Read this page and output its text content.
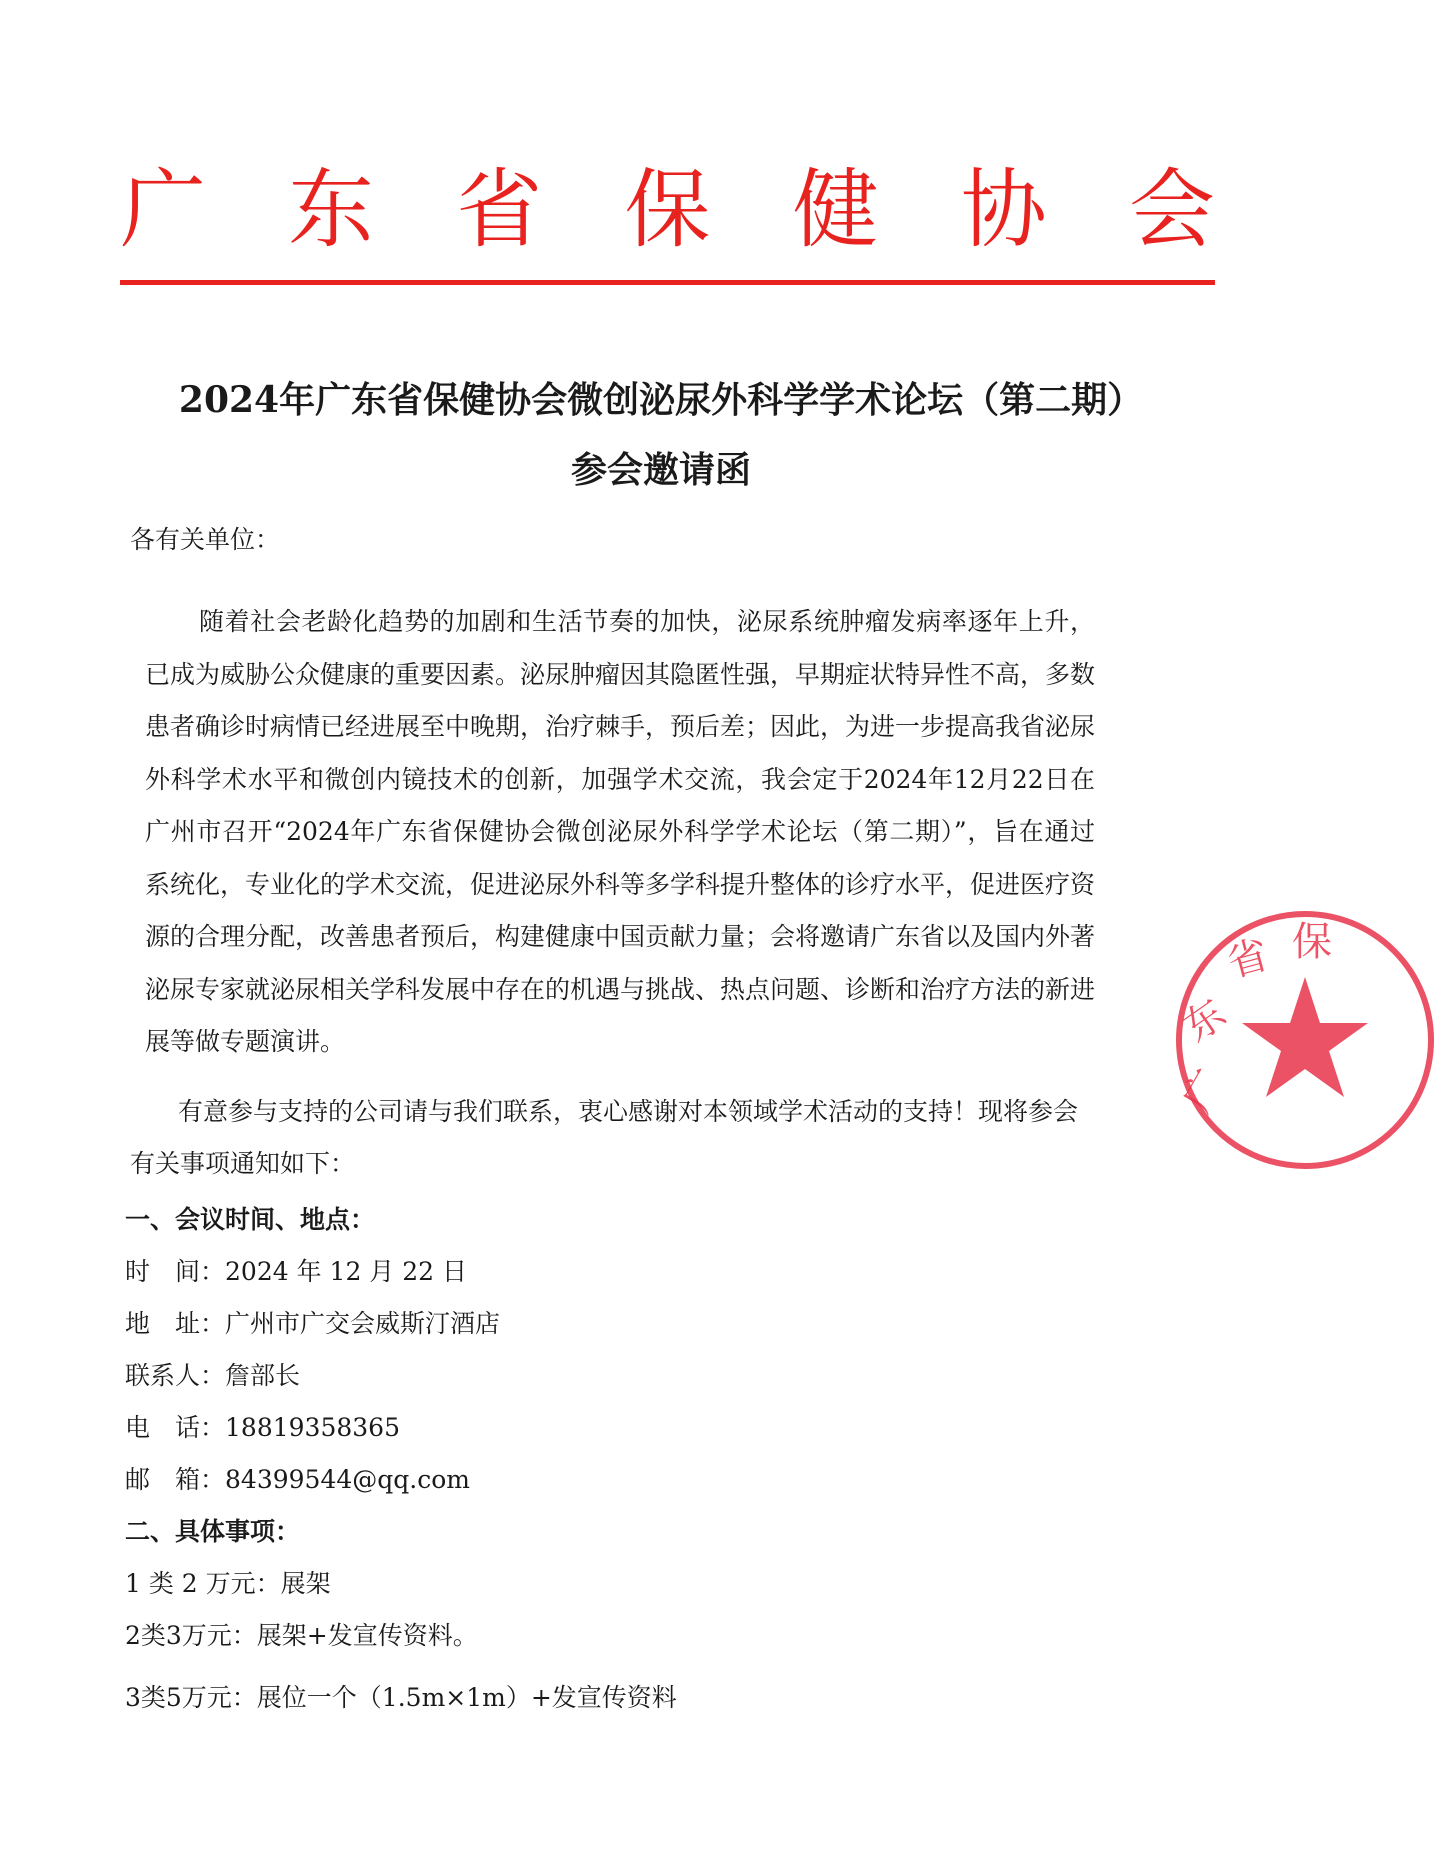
广 东 省 保 健 协 会
2024年广东省保健协会微创泌尿外科学学术论坛（第二期）
参会邀请函
各有关单位：
随着社会老龄化趋势的加剧和生活节奏的加快，泌尿系统肿瘤发病率逐年上升，已成为威胁公众健康的重要因素。泌尿肿瘤因其隐匿性强，早期症状特异性不高，多数患者确诊时病情已经进展至中晚期，治疗棘手，预后差；因此，为进一步提高我省泌尿外科学术水平和微创内镜技术的创新，加强学术交流，我会定于2024年12月22日在广州市召开“2024年广东省保健协会微创泌尿外科学学术论坛（第二期）”，旨在通过系统化，专业化的学术交流，促进泌尿外科等多学科提升整体的诊疗水平，促进医疗资源的合理分配，改善患者预后，构建健康中国贡献力量；会将邀请广东省以及国内外著泌尿专家就泌尿相关学科发展中存在的机遇与挑战、热点问题、诊断和治疗方法的新进展等做专题演讲。
有意参与支持的公司请与我们联系，衷心感谢对本领域学术活动的支持！现将参会有关事项通知如下：
一、会议时间、地点：
时　间：2024 年 12 月 22 日
地　址：广州市广交会威斯汀酒店
联系人：詹部长
电　话：18819358365
邮　箱：84399544@qq.com
二、具体事项：
1 类 2 万元：展架
2类3万元：展架+发宣传资料。
3类5万元：展位一个（1.5m×1m）+发宣传资料
广
东
省 保
